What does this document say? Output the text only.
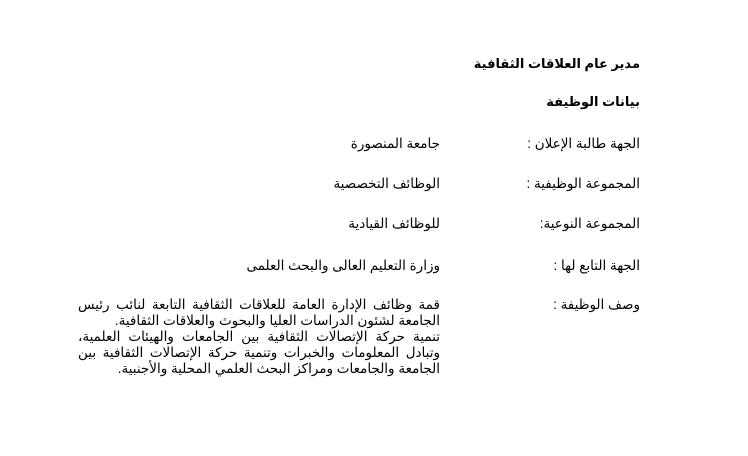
مدير عام العلاقات الثقافية
بيانات الوظيفة
الجهة طالبة الإعلان :
جامعة المنصورة
المجموعة الوظيفية :
الوظائف التخصصية
المجموعة النوعية:
للوظائف القيادية
الجهة التابع لها :
وزارة التعليم العالى والبحث العلمى
وصف الوظيفة :

قمة وظائف الإدارة العامة للعلاقات الثقافية التابعة لنائب رئيس الجامعة لشئون الدراسات العليا والبحوث والعلاقات الثقافية.

تنمية حركة الإتصالات الثقافية بين الجامعات والهيئات العلمية، وتبادل المعلومات والخبرات وتنمية حركة الإتصالات الثقافية بين الجامعة والجامعات ومراكز البحث العلمي المحلية والأجنبية.
